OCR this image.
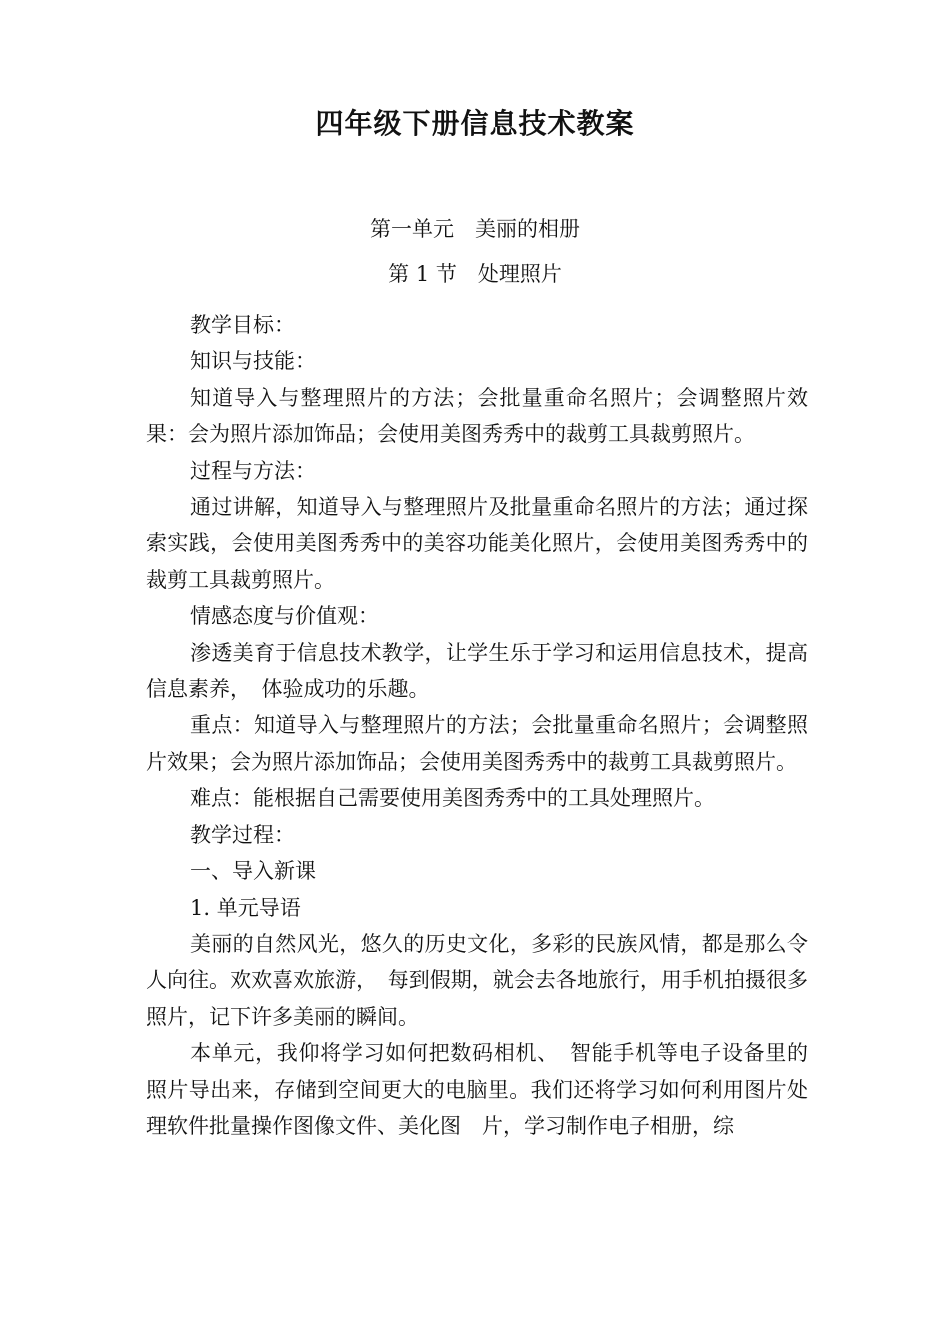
四年级下册信息技术教案
第一单元　美丽的相册
第 1 节　处理照片

教学目标：

知识与技能：

知道导入与整理照片的方法；会批量重命名照片；会调整照片效果：会为照片添加饰品；会使用美图秀秀中的裁剪工具裁剪照片。

过程与方法：

通过讲解，知道导入与整理照片及批量重命名照片的方法；通过探索实践，会使用美图秀秀中的美容功能美化照片，会使用美图秀秀中的裁剪工具裁剪照片。

情感态度与价值观：

渗透美育于信息技术教学，让学生乐于学习和运用信息技术，提高信息素养，　体验成功的乐趣。

重点：知道导入与整理照片的方法；会批量重命名照片；会调整照片效果；会为照片添加饰品；会使用美图秀秀中的裁剪工具裁剪照片。

难点：能根据自己需要使用美图秀秀中的工具处理照片。

教学过程：

一、导入新课

1. 单元导语

美丽的自然风光，悠久的历史文化，多彩的民族风情，都是那么令人向往。欢欢喜欢旅游，　每到假期，就会去各地旅行，用手机拍摄很多照片，记下许多美丽的瞬间。

本单元，我仰将学习如何把数码相机、　智能手机等电子设备里的照片导出来，存储到空间更大的电脑里。我们还将学习如何利用图片处理软件批量操作图像文件、美化图　片，学习制作电子相册，综
